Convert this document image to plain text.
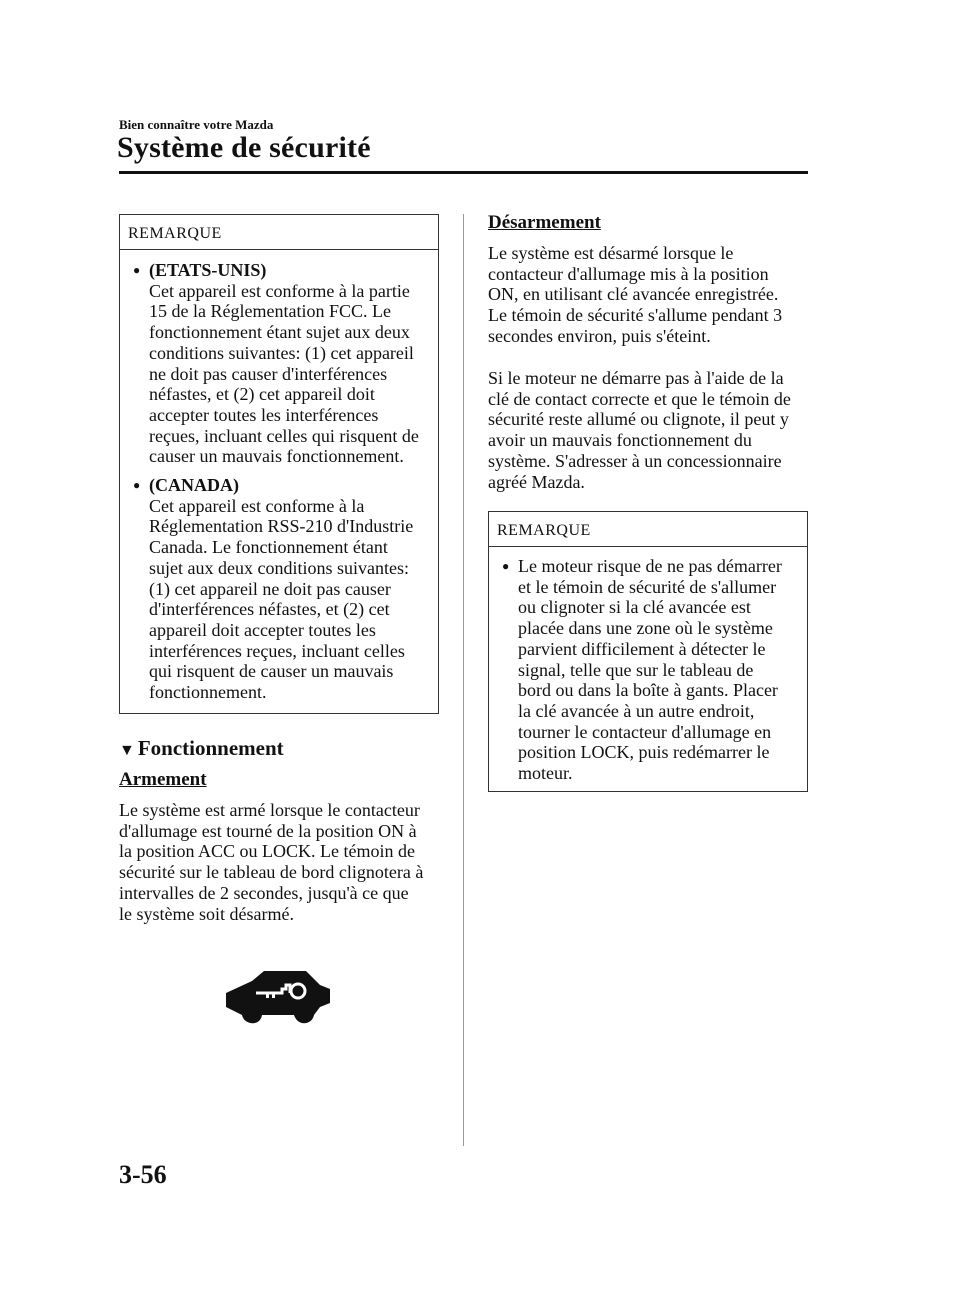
Bien connaître votre Mazda
Système de sécurité
REMARQUE
● (ETATS-UNIS)
Cet appareil est conforme à la partie
15 de la Réglementation FCC. Le
fonctionnement étant sujet aux deux
conditions suivantes: (1) cet appareil
ne doit pas causer d'interférences
néfastes, et (2) cet appareil doit
accepter toutes les interférences
reçues, incluant celles qui risquent de
causer un mauvais fonctionnement.
● (CANADA)
Cet appareil est conforme à la
Réglementation RSS-210 d'Industrie
Canada. Le fonctionnement étant
sujet aux deux conditions suivantes:
(1) cet appareil ne doit pas causer
d'interférences néfastes, et (2) cet
appareil doit accepter toutes les
interférences reçues, incluant celles
qui risquent de causer un mauvais
fonctionnement.
▼ Fonctionnement
Armement
Le système est armé lorsque le contacteur
d'allumage est tourné de la position ON à
la position ACC ou LOCK. Le témoin de
sécurité sur le tableau de bord clignotera à
intervalles de 2 secondes, jusqu'à ce que
le système soit désarmé.
Désarmement
Le système est désarmé lorsque le
contacteur d'allumage mis à la position
ON, en utilisant clé avancée enregistrée.
Le témoin de sécurité s'allume pendant 3
secondes environ, puis s'éteint.
Si le moteur ne démarre pas à l'aide de la
clé de contact correcte et que le témoin de
sécurité reste allumé ou clignote, il peut y
avoir un mauvais fonctionnement du
système. S'adresser à un concessionnaire
agréé Mazda.
REMARQUE
● Le moteur risque de ne pas démarrer
et le témoin de sécurité de s'allumer
ou clignoter si la clé avancée est
placée dans une zone où le système
parvient difficilement à détecter le
signal, telle que sur le tableau de
bord ou dans la boîte à gants. Placer
la clé avancée à un autre endroit,
tourner le contacteur d'allumage en
position LOCK, puis redémarrer le
moteur.
3-56
